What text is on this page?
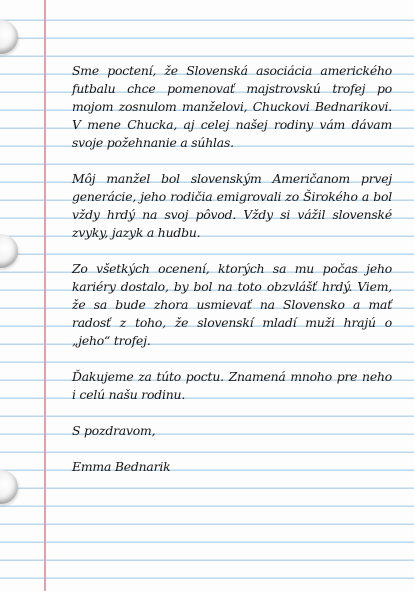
Sme poctení, že Slovenská asociácia amerického futbalu chce pomenovať majstrovskú trofej po mojom zosnulom manželovi, Chuckovi Bednarikovi. V mene Chucka, aj celej našej rodiny vám dávam svoje požehnanie a súhlas.

Môj manžel bol slovenským Američanom prvej generácie, jeho rodičia emigrovali zo Širokého a bol vždy hrdý na svoj pôvod. Vždy si vážil slovenské zvyky, jazyk a hudbu.

Zo všetkých ocenení, ktorých sa mu počas jeho kariéry dostalo, by bol na toto obzvlášť hrdý. Viem, že sa bude zhora usmievať na Slovensko a mať radosť z toho, že slovenskí mladí muži hrajú o „jeho“ trofej.

Ďakujeme za túto poctu. Znamená mnoho pre neho i celú našu rodinu.

S pozdravom,

Emma Bednarik
